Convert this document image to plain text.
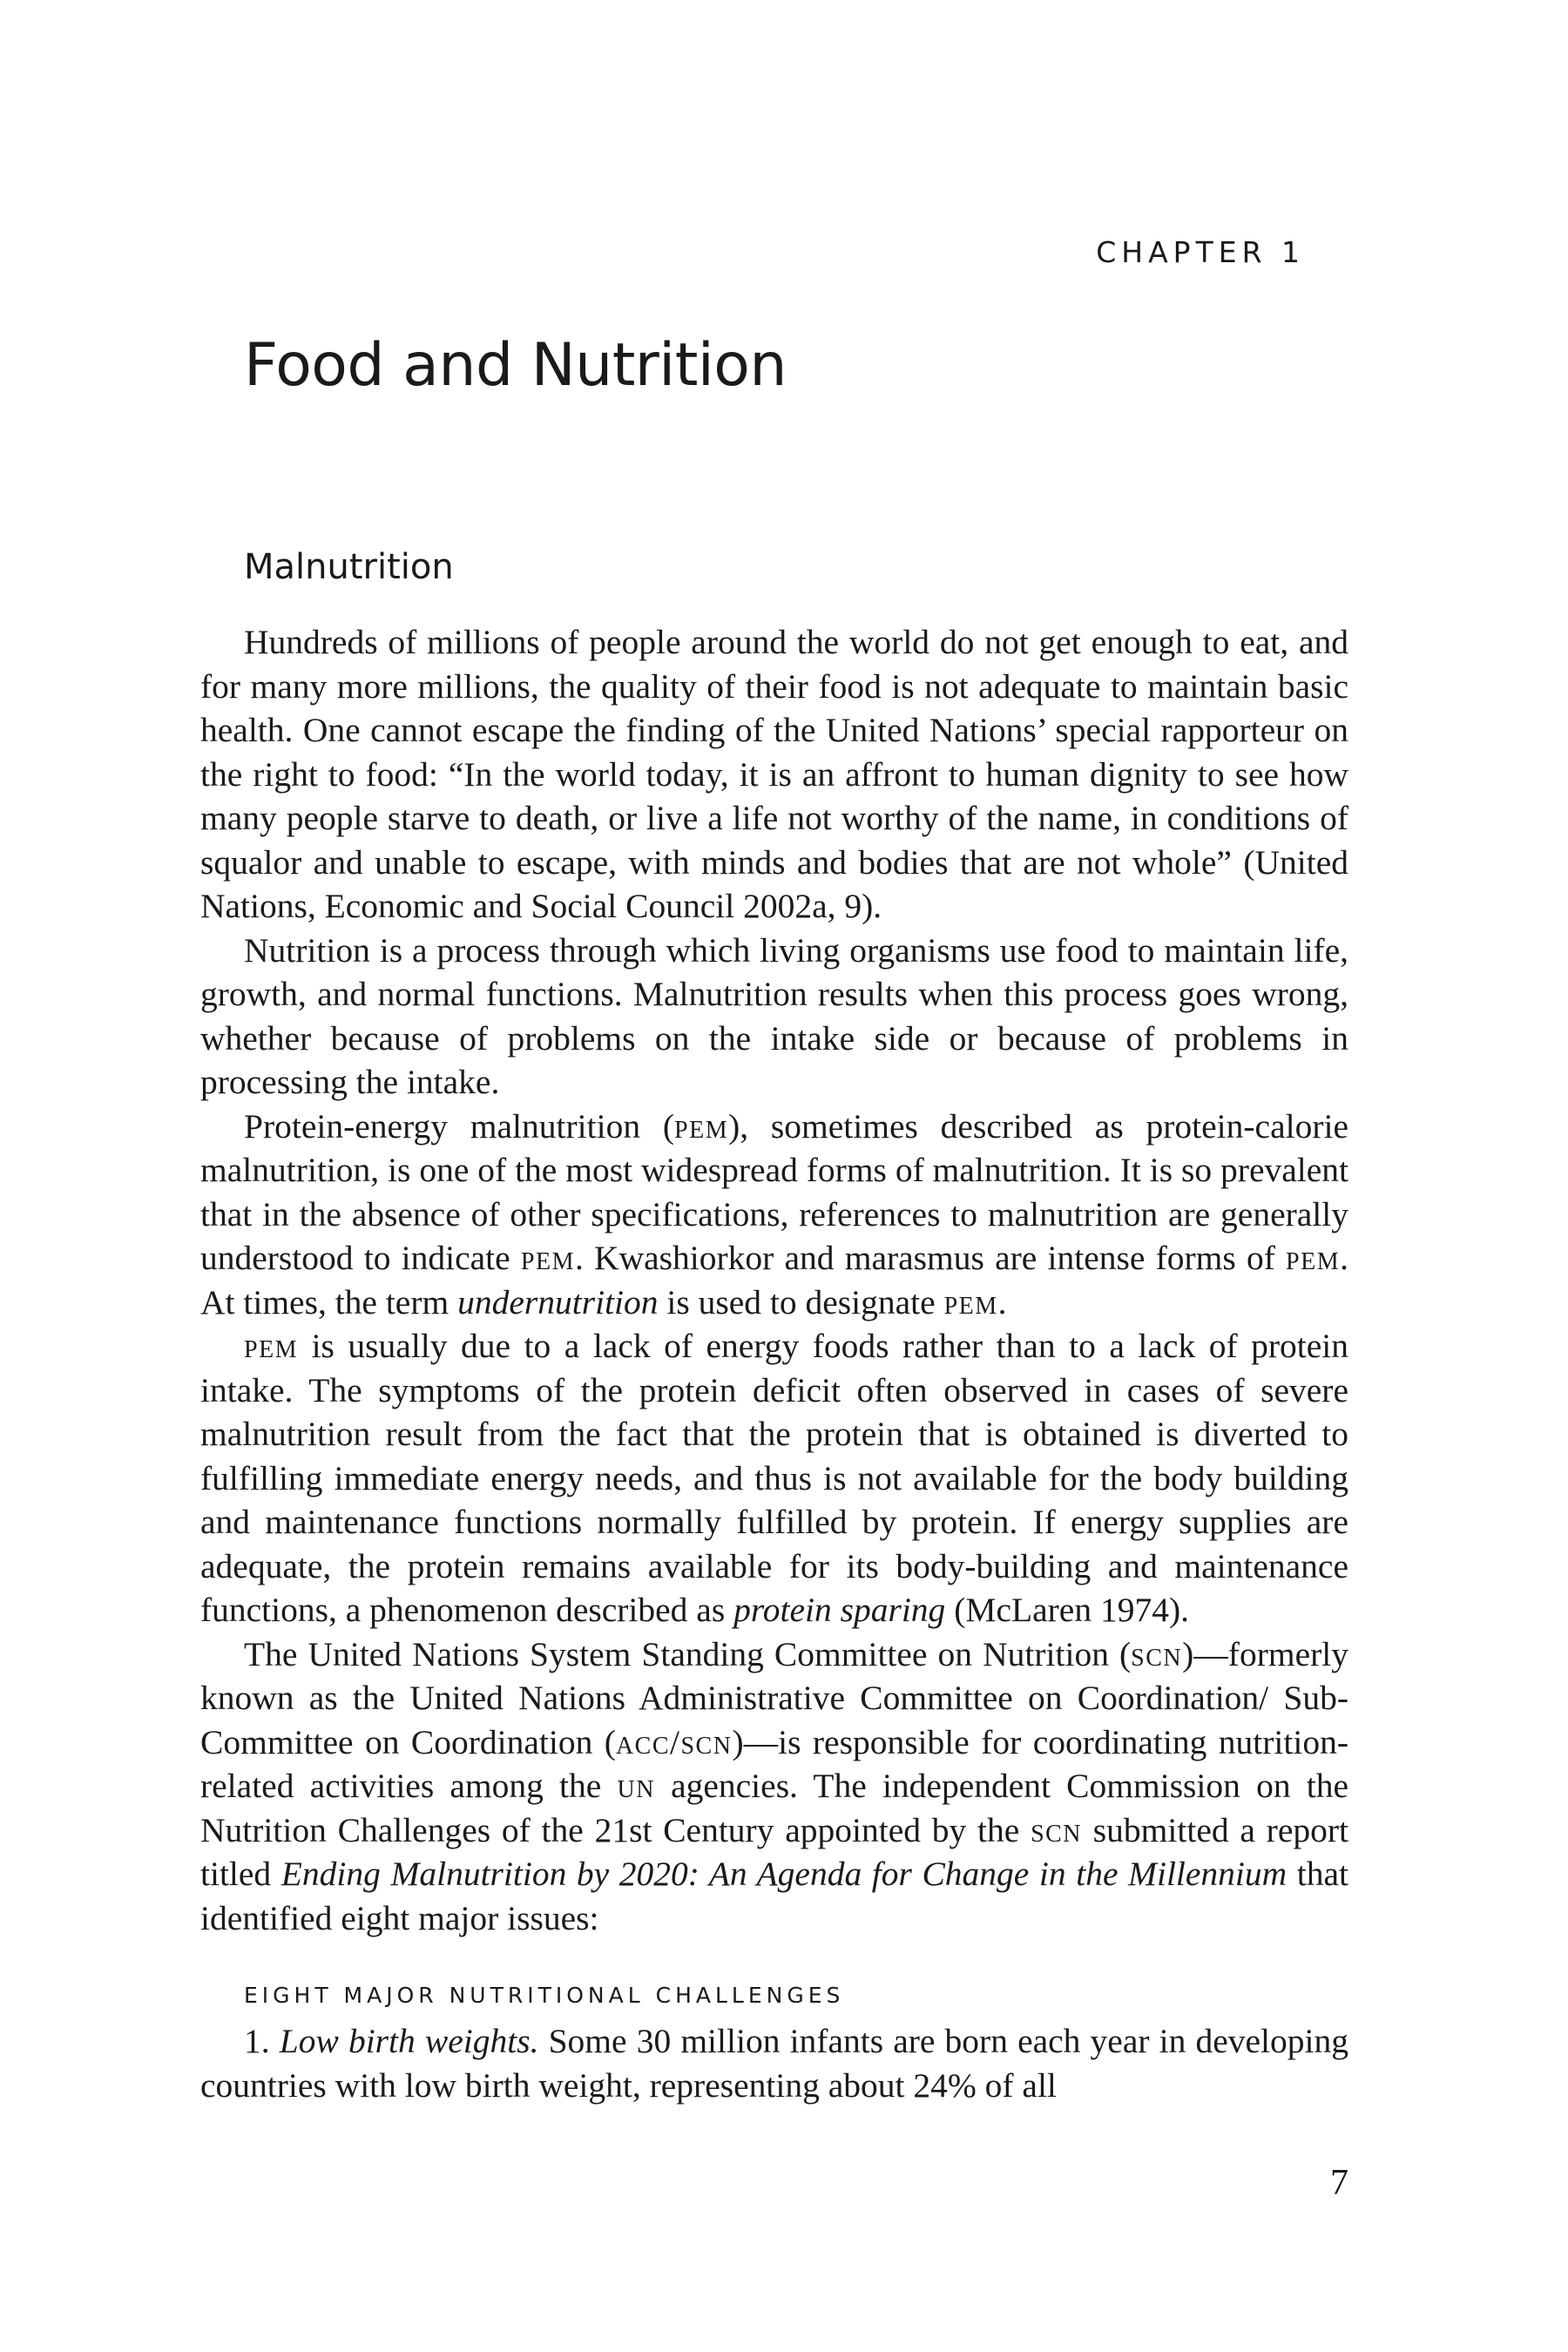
CHAPTER 1
Food and Nutrition
Malnutrition

Hundreds of millions of people around the world do not get enough to eat, and for many more millions, the quality of their food is not adequate to maintain basic health. One cannot escape the finding of the United Nations’ special rapporteur on the right to food: “In the world today, it is an affront to human dignity to see how many people starve to death, or live a life not worthy of the name, in conditions of squalor and unable to escape, with minds and bodies that are not whole” (United Nations, Economic and Social Council 2002a, 9).

Nutrition is a process through which living organisms use food to maintain life, growth, and normal functions. Malnutrition results when this process goes wrong, whether because of problems on the intake side or because of problems in processing the intake.

Protein-energy malnutrition (pem), sometimes described as protein-calorie malnutrition, is one of the most widespread forms of malnutrition. It is so prevalent that in the absence of other specifications, references to malnutrition are generally understood to indicate pem. Kwashiorkor and marasmus are intense forms of pem. At times, the term undernutrition is used to designate pem.

pem is usually due to a lack of energy foods rather than to a lack of protein intake. The symptoms of the protein deficit often observed in cases of severe malnutrition result from the fact that the protein that is obtained is diverted to fulfilling immediate energy needs, and thus is not available for the body building and maintenance functions normally fulfilled by protein. If energy supplies are adequate, the protein remains available for its body-building and maintenance functions, a phenomenon described as protein sparing (McLaren 1974).

The United Nations System Standing Committee on Nutrition (scn)—formerly known as the United Nations Administrative Committee on Coordination/ Sub-Committee on Coordination (acc/scn)—is responsible for coordinating nutrition-related activities among the un agencies. The independent Commission on the Nutrition Challenges of the 21st Century appointed by the scn submitted a report titled Ending Malnutrition by 2020: An Agenda for Change in the Millennium that identified eight major issues:

EIGHT MAJOR NUTRITIONAL CHALLENGES

1. Low birth weights. Some 30 million infants are born each year in developing countries with low birth weight, representing about 24% of all

7
